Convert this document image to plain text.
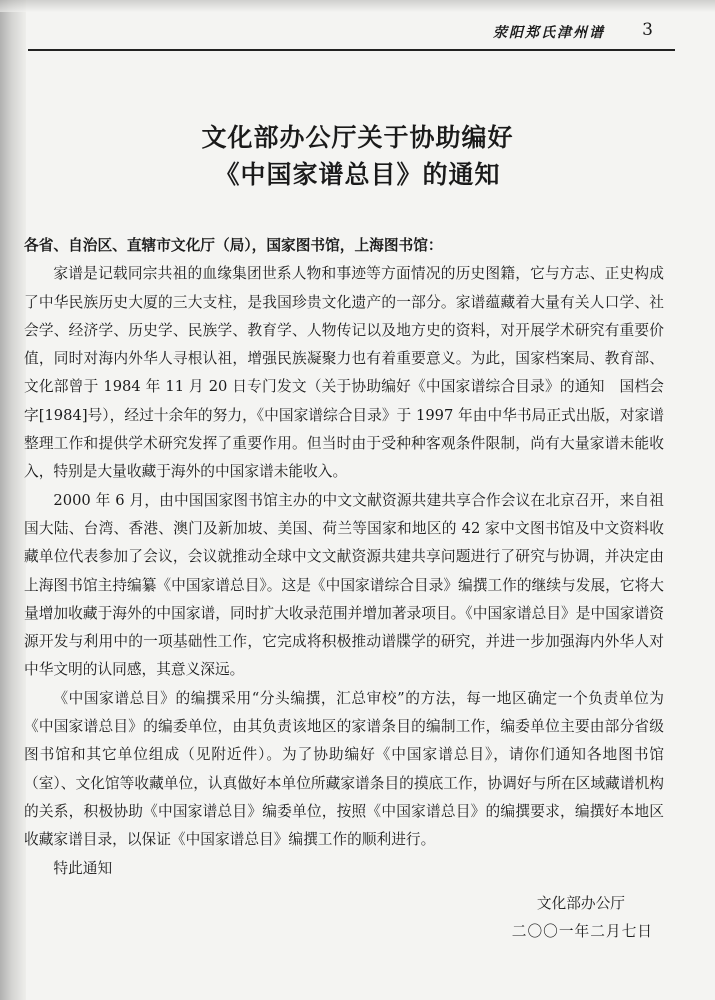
荥阳郑氏津州谱 3
文化部办公厅关于协助编好
《中国家谱总目》的通知

各省、自治区、直辖市文化厅（局），国家图书馆，上海图书馆：

家谱是记载同宗共祖的血缘集团世系人物和事迹等方面情况的历史图籍，它与方志、正史构成了中华民族历史大厦的三大支柱，是我国珍贵文化遗产的一部分。家谱蕴藏着大量有关人口学、社会学、经济学、历史学、民族学、教育学、人物传记以及地方史的资料，对开展学术研究有重要价值，同时对海内外华人寻根认祖，增强民族凝聚力也有着重要意义。为此，国家档案局、教育部、文化部曾于 1984 年 11 月 20 日专门发文（关于协助编好《中国家谱综合目录》的通知　国档会字[1984]号），经过十余年的努力，《中国家谱综合目录》于 1997 年由中华书局正式出版，对家谱整理工作和提供学术研究发挥了重要作用。但当时由于受种种客观条件限制，尚有大量家谱未能收入，特别是大量收藏于海外的中国家谱未能收入。

2000 年 6 月，由中国国家图书馆主办的中文文献资源共建共享合作会议在北京召开，来自祖国大陆、台湾、香港、澳门及新加坡、美国、荷兰等国家和地区的 42 家中文图书馆及中文资料收藏单位代表参加了会议，会议就推动全球中文文献资源共建共享问题进行了研究与协调，并决定由上海图书馆主持编纂《中国家谱总目》。这是《中国家谱综合目录》编撰工作的继续与发展，它将大量增加收藏于海外的中国家谱，同时扩大收录范围并增加著录项目。《中国家谱总目》是中国家谱资源开发与利用中的一项基础性工作，它完成将积极推动谱牒学的研究，并进一步加强海内外华人对中华文明的认同感，其意义深远。

《中国家谱总目》的编撰采用“分头编撰，汇总审校”的方法，每一地区确定一个负责单位为《中国家谱总目》的编委单位，由其负责该地区的家谱条目的编制工作，编委单位主要由部分省级图书馆和其它单位组成（见附近件）。为了协助编好《中国家谱总目》，请你们通知各地图书馆（室）、文化馆等收藏单位，认真做好本单位所藏家谱条目的摸底工作，协调好与所在区域藏谱机构的关系，积极协助《中国家谱总目》编委单位，按照《中国家谱总目》的编撰要求，编撰好本地区收藏家谱目录，以保证《中国家谱总目》编撰工作的顺利进行。

特此通知

文化部办公厅
二〇〇一年二月七日
